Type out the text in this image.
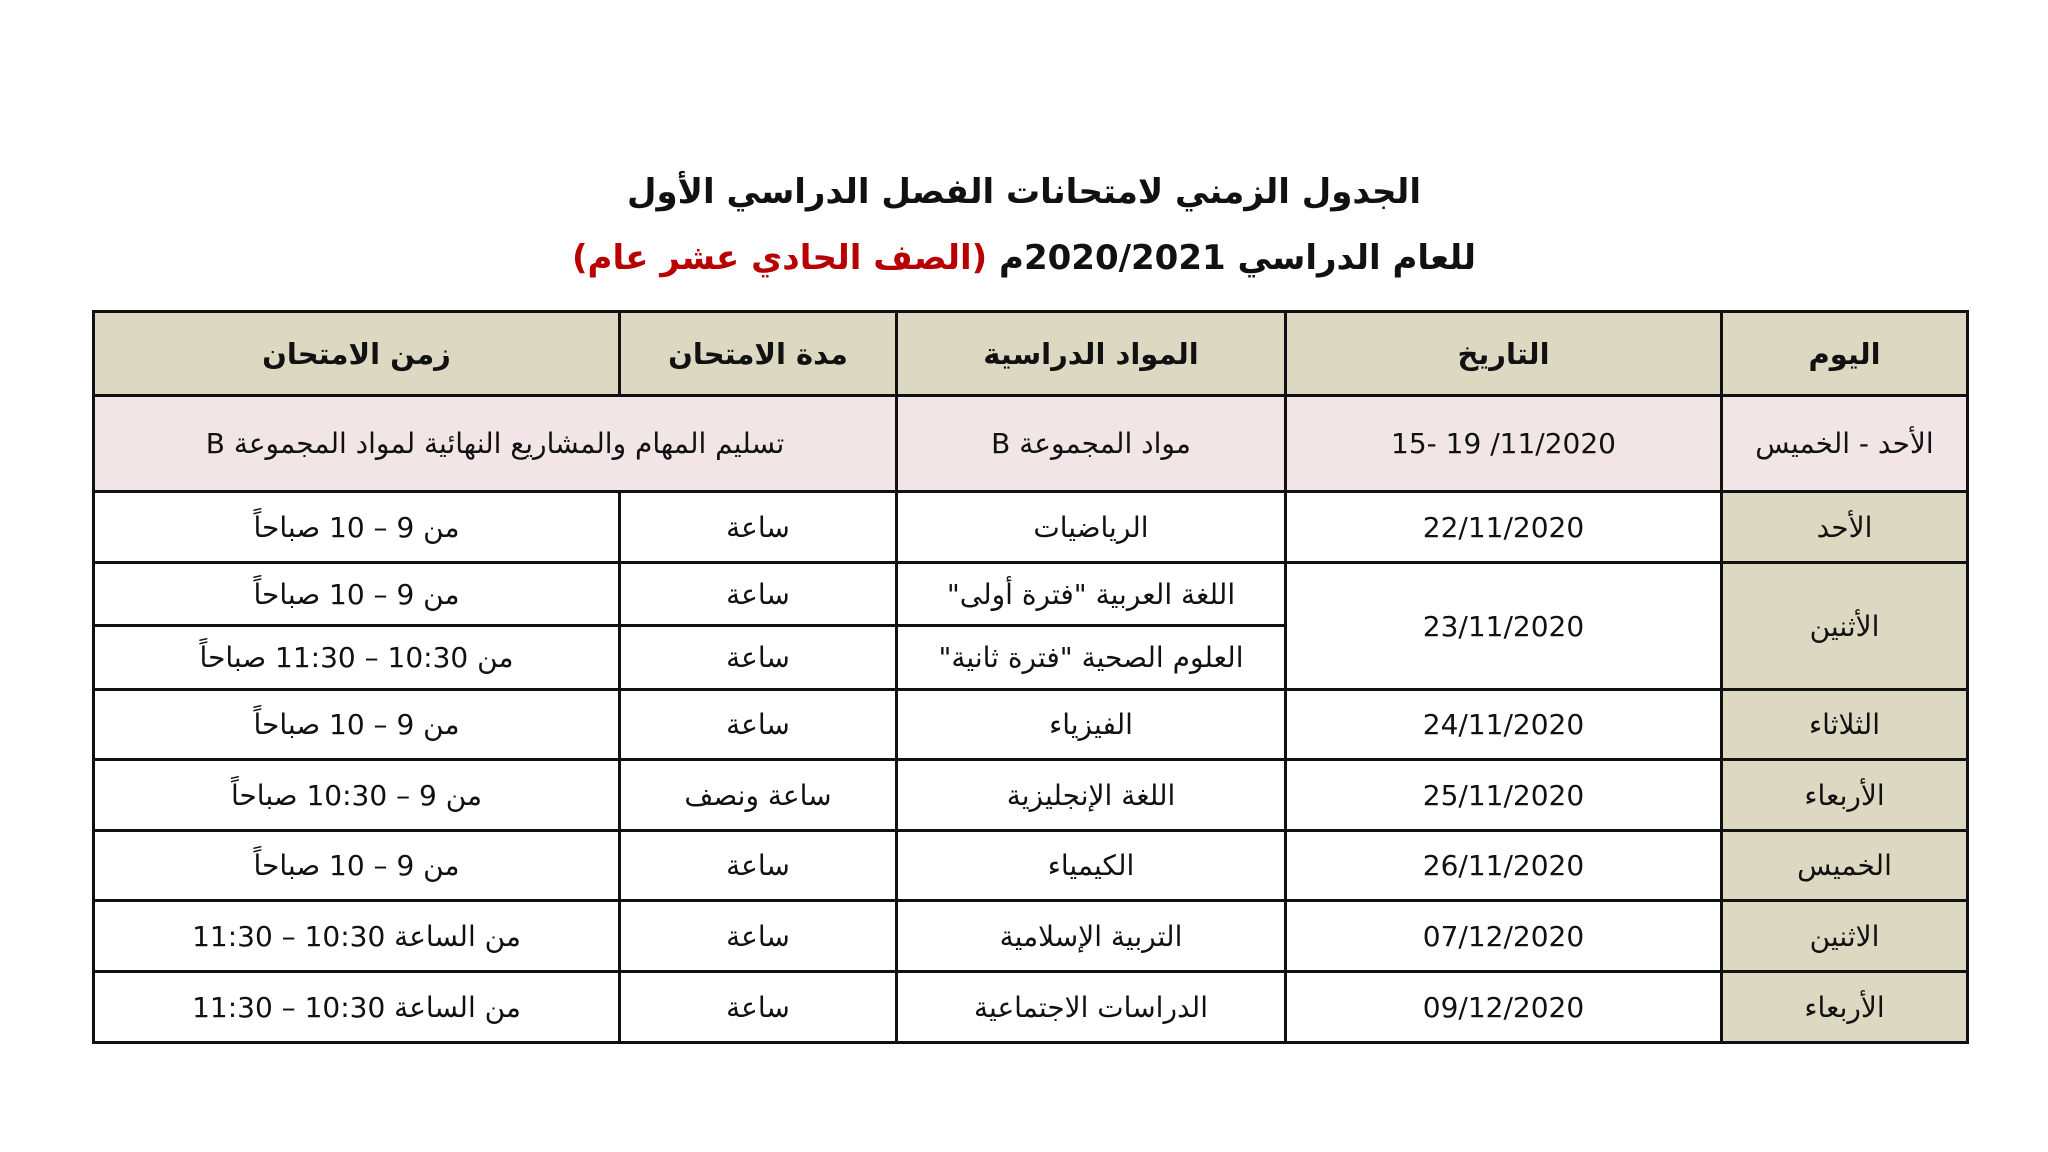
الجدول الزمني لامتحانات الفصل الدراسي الأول
للعام الدراسي 2020/2021م (الصف الحادي عشر عام)
اليوم	التاريخ	المواد الدراسية	مدة الامتحان	زمن الامتحان
الأحد - الخميس	15- 19 /11/2020	مواد المجموعة B	تسليم المهام والمشاريع النهائية لمواد المجموعة B	
الأحد	22/11/2020	الرياضيات	ساعة	من 9 – 10 صباحاً
الأثنين	23/11/2020	اللغة العربية "فترة أولى"	ساعة	من 9 – 10 صباحاً
		العلوم الصحية "فترة ثانية"	ساعة	من 10:30 – 11:30 صباحاً
الثلاثاء	24/11/2020	الفيزياء	ساعة	من 9 – 10 صباحاً
الأربعاء	25/11/2020	اللغة الإنجليزية	ساعة ونصف	من 9 – 10:30 صباحاً
الخميس	26/11/2020	الكيمياء	ساعة	من 9 – 10 صباحاً
الاثنين	07/12/2020	التربية الإسلامية	ساعة	من الساعة 10:30 – 11:30
الأربعاء	09/12/2020	الدراسات الاجتماعية	ساعة	من الساعة 10:30 – 11:30
